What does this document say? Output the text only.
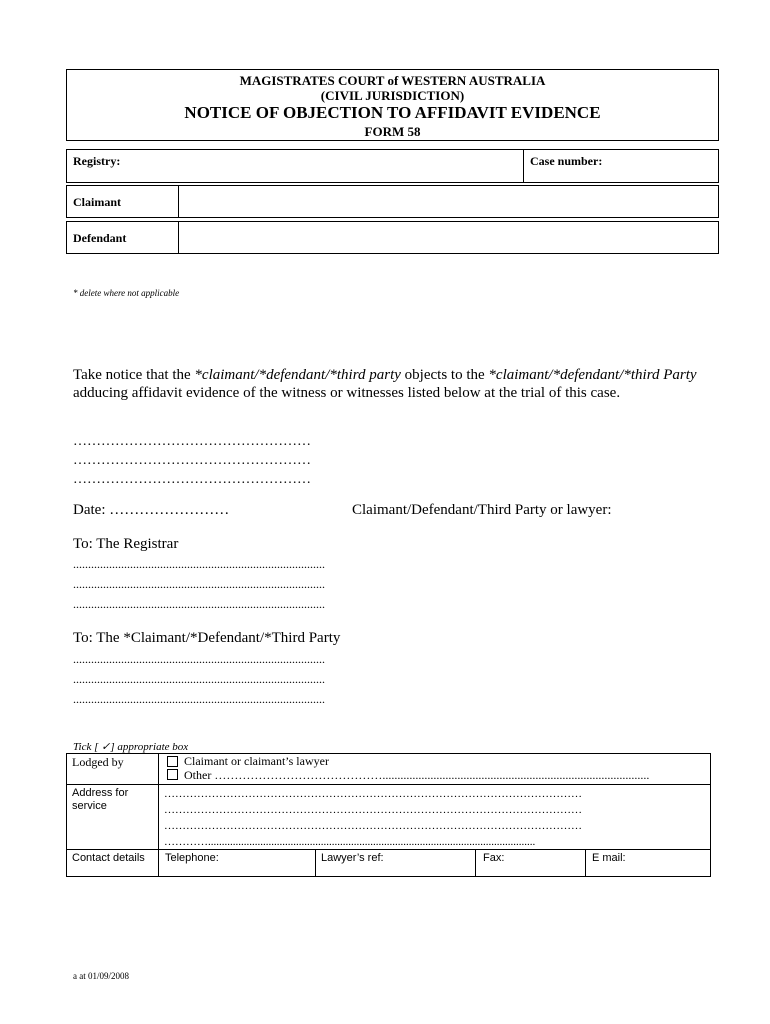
MAGISTRATES COURT of WESTERN AUSTRALIA
(CIVIL JURISDICTION)
NOTICE OF OBJECTION TO AFFIDAVIT EVIDENCE
FORM 58
Registry:	Case number:
Claimant
Defendant
* delete where not applicable
Take notice that the *claimant/*defendant/*third party objects to the *claimant/*defendant/*third Party adducing affidavit evidence of the witness or witnesses listed below at the trial of this case.
……………………………………………
……………………………………………
……………………………………………
Date: ……………………	Claimant/Defendant/Third Party or lawyer:
To: The Registrar
....................................................................................
....................................................................................
....................................................................................
To: The *Claimant/*Defendant/*Third Party
....................................................................................
....................................................................................
....................................................................................
Tick [ ✓] appropriate box
Lodged by	Claimant or claimant’s lawyer
Other …………………………………….........................................................................................
Address for service
……………………………………………………………………………………………………
……………………………………………………………………………………………………
……………………………………………………………………………………………………
………….......................................................................................................................
Contact details Telephone:	Lawyer’s ref:	Fax:	E mail:
a at 01/09/2008
